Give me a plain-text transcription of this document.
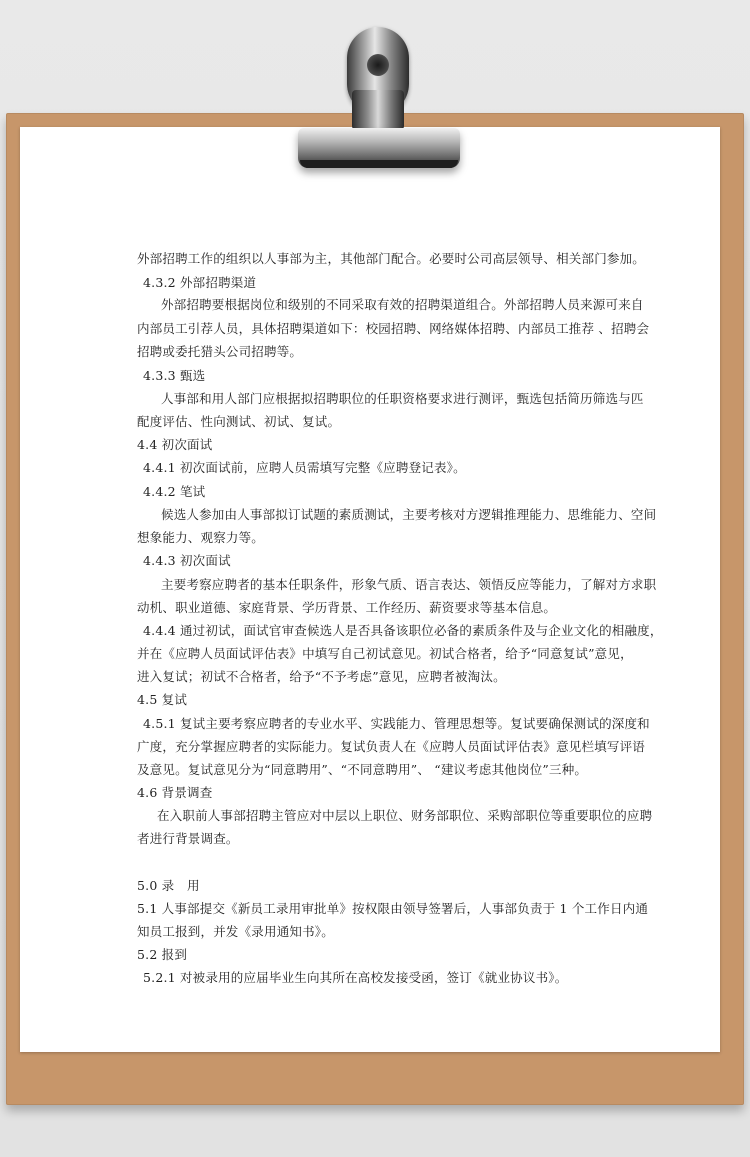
外部招聘工作的组织以人事部为主，其他部门配合。必要时公司高层领导、相关部门参加。
4.3.2 外部招聘渠道
外部招聘要根据岗位和级别的不同采取有效的招聘渠道组合。外部招聘人员来源可来自
内部员工引荐人员，具体招聘渠道如下：校园招聘、网络媒体招聘、内部员工推荐 、招聘会
招聘或委托猎头公司招聘等。
4.3.3 甄选
人事部和用人部门应根据拟招聘职位的任职资格要求进行测评，甄选包括简历筛选与匹
配度评估、性向测试、初试、复试。
4.4 初次面试
4.4.1 初次面试前，应聘人员需填写完整《应聘登记表》。
4.4.2 笔试
候选人参加由人事部拟订试题的素质测试，主要考核对方逻辑推理能力、思维能力、空间
想象能力、观察力等。
4.4.3 初次面试
主要考察应聘者的基本任职条件，形象气质、语言表达、领悟反应等能力，了解对方求职
动机、职业道德、家庭背景、学历背景、工作经历、薪资要求等基本信息。
4.4.4 通过初试，面试官审查候选人是否具备该职位必备的素质条件及与企业文化的相融度，
并在《应聘人员面试评估表》中填写自己初试意见。初试合格者，给予“同意复试”意见，
进入复试；初试不合格者，给予“不予考虑”意见，应聘者被淘汰。
4.5 复试
4.5.1 复试主要考察应聘者的专业水平、实践能力、管理思想等。复试要确保测试的深度和
广度，充分掌握应聘者的实际能力。复试负责人在《应聘人员面试评估表》意见栏填写评语
及意见。复试意见分为“同意聘用”、“不同意聘用”、 “建议考虑其他岗位”三种。
4.6 背景调查
在入职前人事部招聘主管应对中层以上职位、财务部职位、采购部职位等重要职位的应聘
者进行背景调查。
5.0 录　用
5.1 人事部提交《新员工录用审批单》按权限由领导签署后，人事部负责于 1 个工作日内通
知员工报到，并发《录用通知书》。
5.2 报到
5.2.1 对被录用的应届毕业生向其所在高校发接受函，签订《就业协议书》。
